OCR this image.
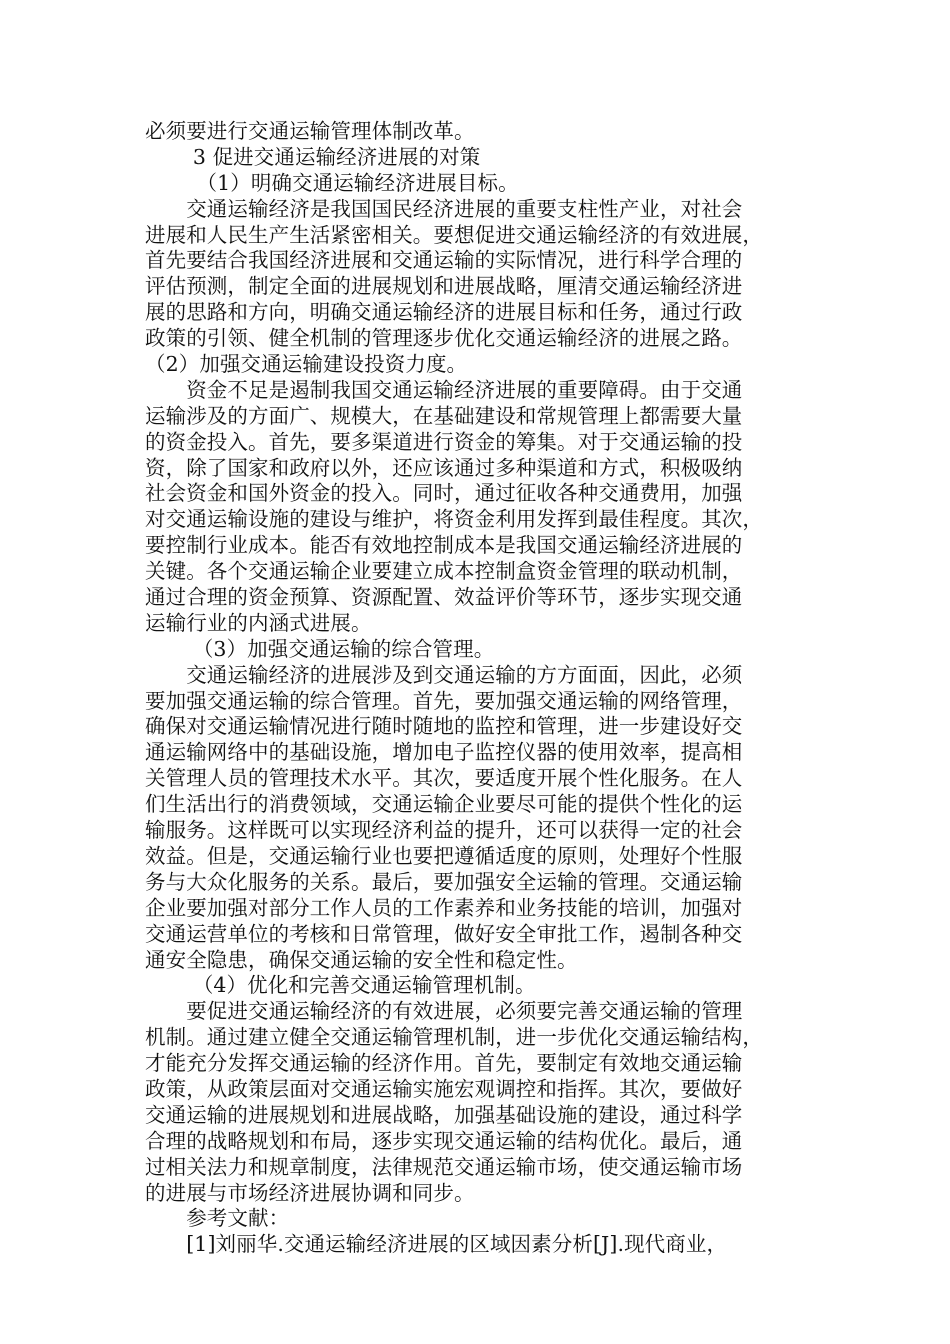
必须要进行交通运输管理体制改革。
　　 3 促进交通运输经济进展的对策
　　　（1）明确交通运输经济进展目标。
　　交通运输经济是我国国民经济进展的重要支柱性产业，对社会
进展和人民生产生活紧密相关。要想促进交通运输经济的有效进展，
首先要结合我国经济进展和交通运输的实际情况，进行科学合理的
评估预测，制定全面的进展规划和进展战略，厘清交通运输经济进
展的思路和方向，明确交通运输经济的进展目标和任务，通过行政
政策的引领、健全机制的管理逐步优化交通运输经济的进展之路。
（2）加强交通运输建设投资力度。
　　资金不足是遏制我国交通运输经济进展的重要障碍。由于交通
运输涉及的方面广、规模大，在基础建设和常规管理上都需要大量
的资金投入。首先，要多渠道进行资金的筹集。对于交通运输的投
资，除了国家和政府以外，还应该通过多种渠道和方式，积极吸纳
社会资金和国外资金的投入。同时，通过征收各种交通费用，加强
对交通运输设施的建设与维护，将资金利用发挥到最佳程度。其次，
要控制行业成本。能否有效地控制成本是我国交通运输经济进展的
关键。各个交通运输企业要建立成本控制盒资金管理的联动机制，
通过合理的资金预算、资源配置、效益评价等环节，逐步实现交通
运输行业的内涵式进展。
　　 （3）加强交通运输的综合管理。
　　交通运输经济的进展涉及到交通运输的方方面面，因此，必须
要加强交通运输的综合管理。首先，要加强交通运输的网络管理，
确保对交通运输情况进行随时随地的监控和管理，进一步建设好交
通运输网络中的基础设施，增加电子监控仪器的使用效率，提高相
关管理人员的管理技术水平。其次，要适度开展个性化服务。在人
们生活出行的消费领域，交通运输企业要尽可能的提供个性化的运
输服务。这样既可以实现经济利益的提升，还可以获得一定的社会
效益。但是，交通运输行业也要把遵循适度的原则，处理好个性服
务与大众化服务的关系。最后，要加强安全运输的管理。交通运输
企业要加强对部分工作人员的工作素养和业务技能的培训，加强对
交通运营单位的考核和日常管理，做好安全审批工作，遏制各种交
通安全隐患，确保交通运输的安全性和稳定性。
　　 （4）优化和完善交通运输管理机制。
　　要促进交通运输经济的有效进展，必须要完善交通运输的管理
机制。通过建立健全交通运输管理机制，进一步优化交通运输结构，
才能充分发挥交通运输的经济作用。首先，要制定有效地交通运输
政策，从政策层面对交通运输实施宏观调控和指挥。其次，要做好
交通运输的进展规划和进展战略，加强基础设施的建设，通过科学
合理的战略规划和布局，逐步实现交通运输的结构优化。最后，通
过相关法力和规章制度，法律规范交通运输市场，使交通运输市场
的进展与市场经济进展协调和同步。
　　参考文献：
　　[1]刘丽华.交通运输经济进展的区域因素分析[J].现代商业，
